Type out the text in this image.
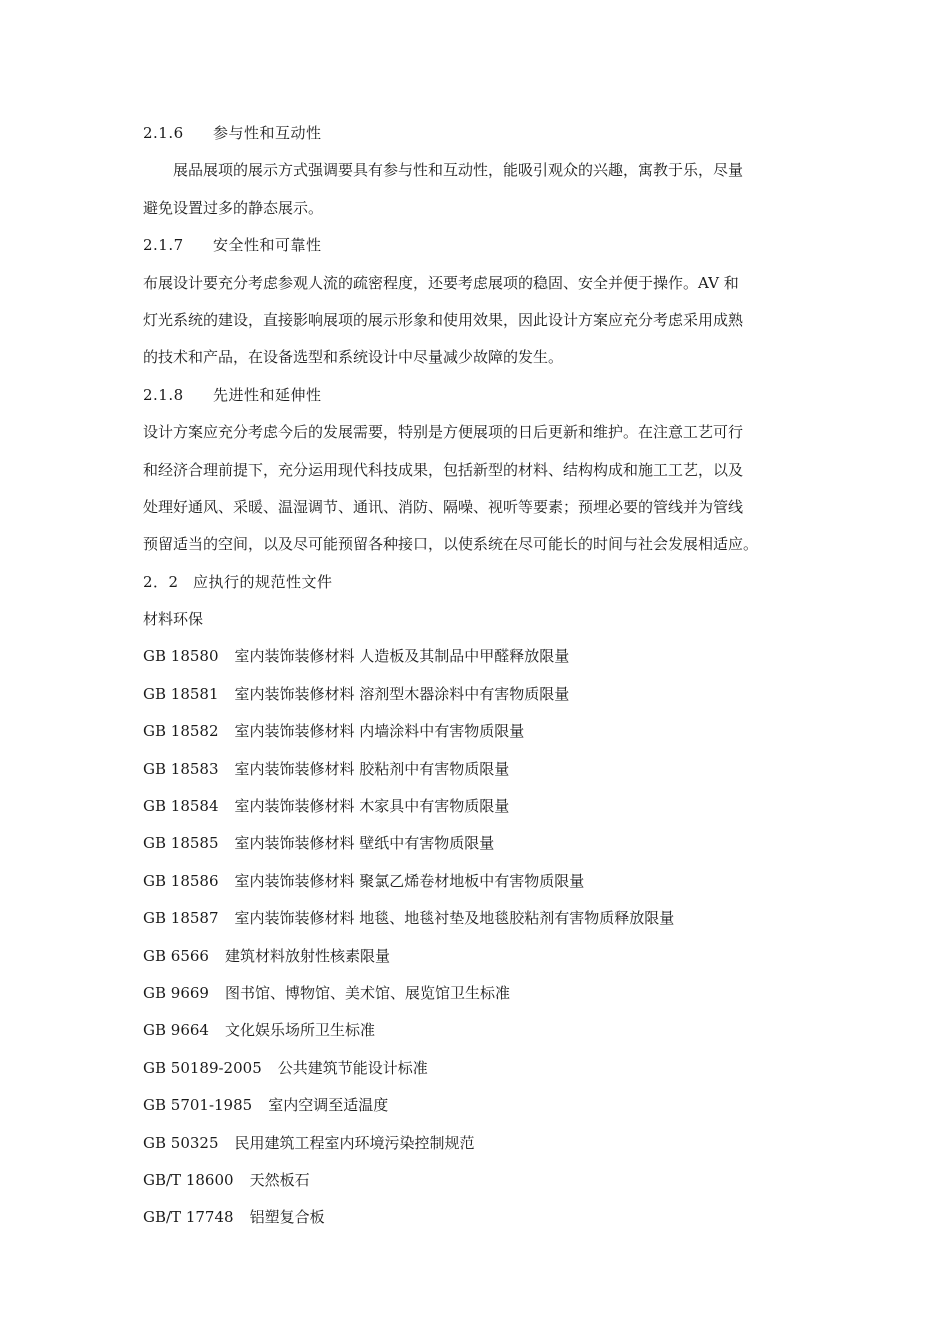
2.1.6 参与性和互动性
展品展项的展示方式强调要具有参与性和互动性，能吸引观众的兴趣，寓教于乐，尽量
避免设置过多的静态展示。
2.1.7 安全性和可靠性
布展设计要充分考虑参观人流的疏密程度，还要考虑展项的稳固、安全并便于操作。AV 和
灯光系统的建设，直接影响展项的展示形象和使用效果，因此设计方案应充分考虑采用成熟
的技术和产品，在设备选型和系统设计中尽量减少故障的发生。
2.1.8 先进性和延伸性
设计方案应充分考虑今后的发展需要，特别是方便展项的日后更新和维护。在注意工艺可行
和经济合理前提下，充分运用现代科技成果，包括新型的材料、结构构成和施工工艺，以及
处理好通风、采暖、温湿调节、通讯、消防、隔噪、视听等要素；预埋必要的管线并为管线
预留适当的空间，以及尽可能预留各种接口，以使系统在尽可能长的时间与社会发展相适应。
2．2 应执行的规范性文件
材料环保
GB 18580 室内装饰装修材料 人造板及其制品中甲醛释放限量
GB 18581 室内装饰装修材料 溶剂型木器涂料中有害物质限量
GB 18582 室内装饰装修材料 内墙涂料中有害物质限量
GB 18583 室内装饰装修材料 胶粘剂中有害物质限量
GB 18584 室内装饰装修材料 木家具中有害物质限量
GB 18585 室内装饰装修材料 壁纸中有害物质限量
GB 18586 室内装饰装修材料 聚氯乙烯卷材地板中有害物质限量
GB 18587 室内装饰装修材料 地毯、地毯衬垫及地毯胶粘剂有害物质释放限量
GB 6566 建筑材料放射性核素限量
GB 9669 图书馆、博物馆、美术馆、展览馆卫生标准
GB 9664 文化娱乐场所卫生标准
GB 50189-2005 公共建筑节能设计标准
GB 5701-1985 室内空调至适温度
GB 50325 民用建筑工程室内环境污染控制规范
GB/T 18600 天然板石
GB/T 17748 铝塑复合板
